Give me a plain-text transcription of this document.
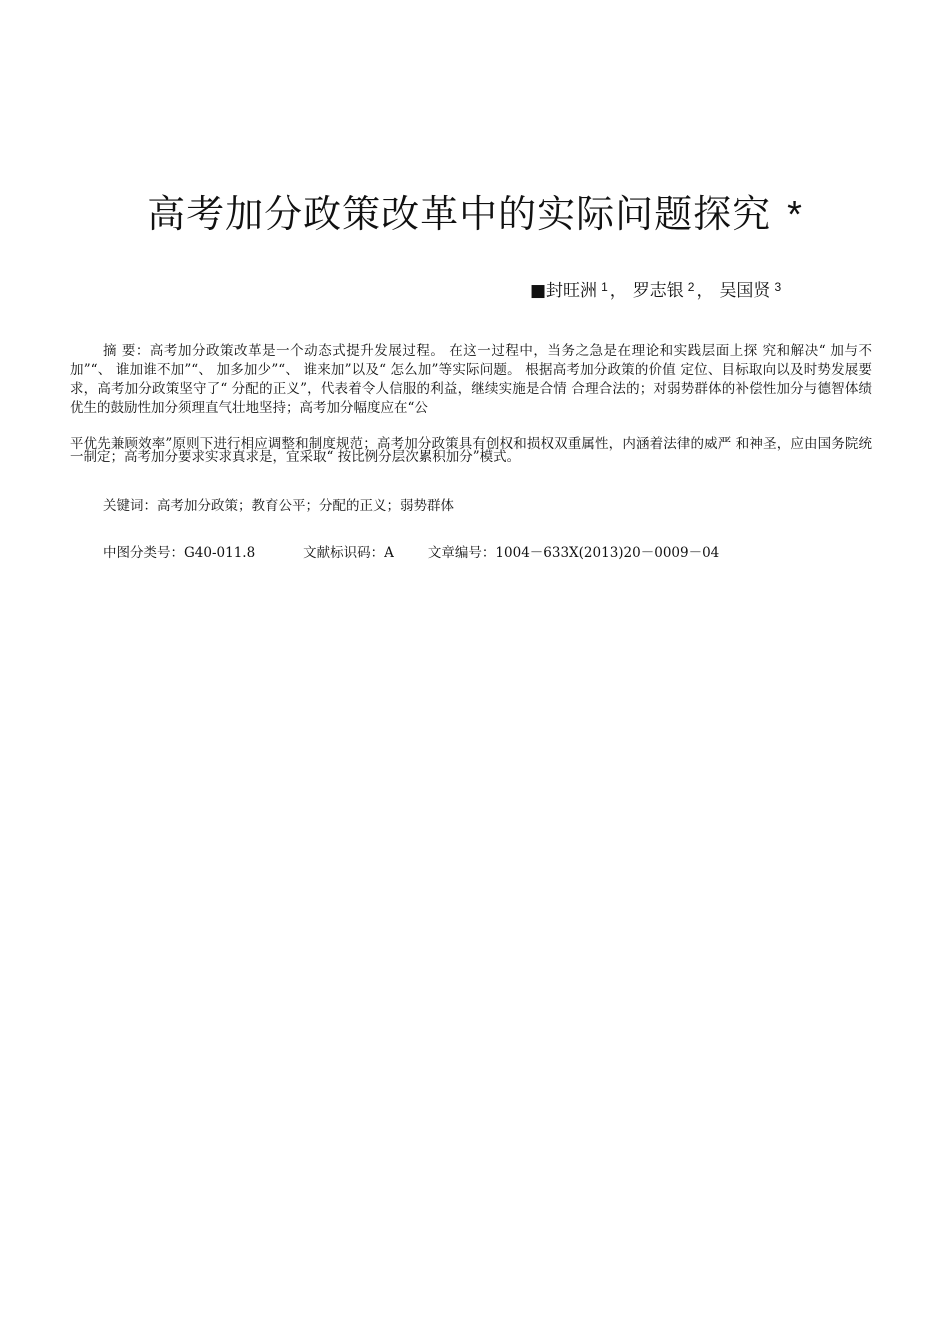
高考加分政策改革中的实际问题探究 *
■封旺洲 $^1$ ， 罗志银 $^2$ ， 吴国贤 $^3$
摘 要：高考加分政策改革是一个动态式提升发展过程。 在这一过程中，当务之急是在理论和实践层面上探 究和解决“ 加与不加”“、 谁加谁不加”“、 加多加少”“、 谁来加”以及“ 怎么加”等实际问题。 根据高考加分政策的价值 定位、目标取向以及时势发展要求，高考加分政策坚守了“ 分配的正义”，代表着令人信服的利益，继续实施是合情 合理合法的；对弱势群体的补偿性加分与德智体绩优生的鼓励性加分须理直气壮地坚持；高考加分幅度应在“公
平优先兼顾效率”原则下进行相应调整和制度规范；高考加分政策具有创权和损权双重属性，内涵着法律的威严 和神圣，应由国务院统一制定；高考加分要求实求真求是，宜采取“ 按比例分层次累积加分”模式。
关键词：高考加分政策；教育公平；分配的正义；弱势群体
中图分类号：G40-011.8	文献标识码：A	文章编号：1004－633X(2013)20－0009－04
